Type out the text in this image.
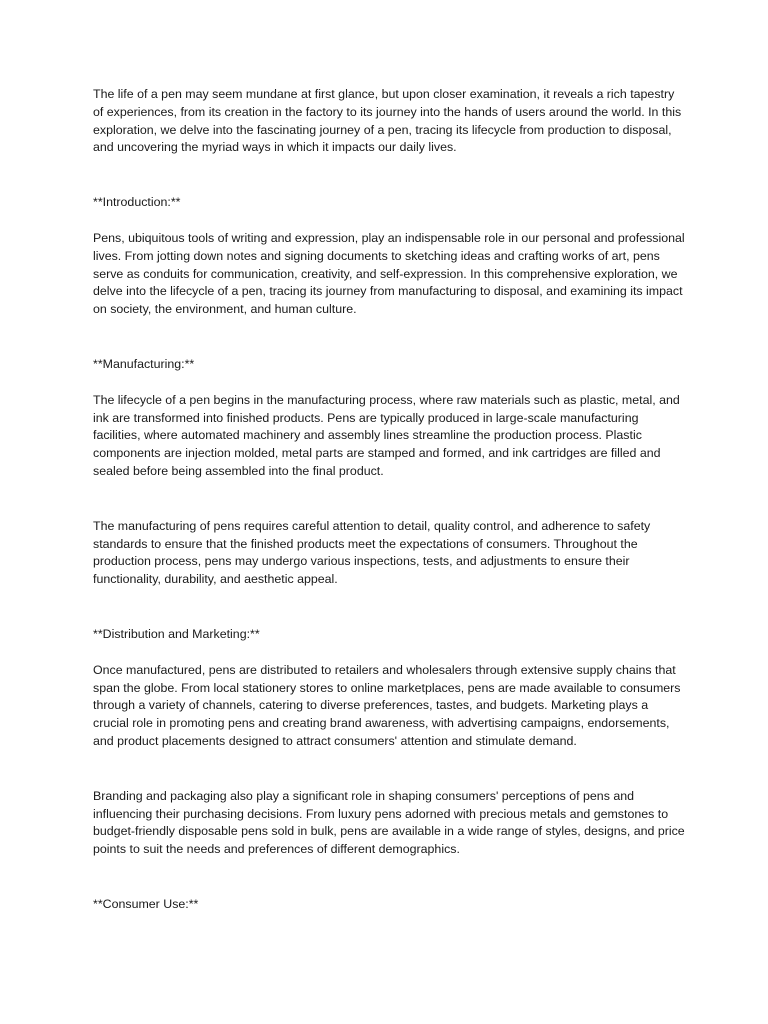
The life of a pen may seem mundane at first glance, but upon closer examination, it reveals a rich tapestry of experiences, from its creation in the factory to its journey into the hands of users around the world. In this exploration, we delve into the fascinating journey of a pen, tracing its lifecycle from production to disposal, and uncovering the myriad ways in which it impacts our daily lives.

**Introduction:**

Pens, ubiquitous tools of writing and expression, play an indispensable role in our personal and professional lives. From jotting down notes and signing documents to sketching ideas and crafting works of art, pens serve as conduits for communication, creativity, and self-expression. In this comprehensive exploration, we delve into the lifecycle of a pen, tracing its journey from manufacturing to disposal, and examining its impact on society, the environment, and human culture.

**Manufacturing:**

The lifecycle of a pen begins in the manufacturing process, where raw materials such as plastic, metal, and ink are transformed into finished products. Pens are typically produced in large-scale manufacturing facilities, where automated machinery and assembly lines streamline the production process. Plastic components are injection molded, metal parts are stamped and formed, and ink cartridges are filled and sealed before being assembled into the final product.

The manufacturing of pens requires careful attention to detail, quality control, and adherence to safety standards to ensure that the finished products meet the expectations of consumers. Throughout the production process, pens may undergo various inspections, tests, and adjustments to ensure their functionality, durability, and aesthetic appeal.

**Distribution and Marketing:**

Once manufactured, pens are distributed to retailers and wholesalers through extensive supply chains that span the globe. From local stationery stores to online marketplaces, pens are made available to consumers through a variety of channels, catering to diverse preferences, tastes, and budgets. Marketing plays a crucial role in promoting pens and creating brand awareness, with advertising campaigns, endorsements, and product placements designed to attract consumers' attention and stimulate demand.

Branding and packaging also play a significant role in shaping consumers' perceptions of pens and influencing their purchasing decisions. From luxury pens adorned with precious metals and gemstones to budget-friendly disposable pens sold in bulk, pens are available in a wide range of styles, designs, and price points to suit the needs and preferences of different demographics.

**Consumer Use:**
